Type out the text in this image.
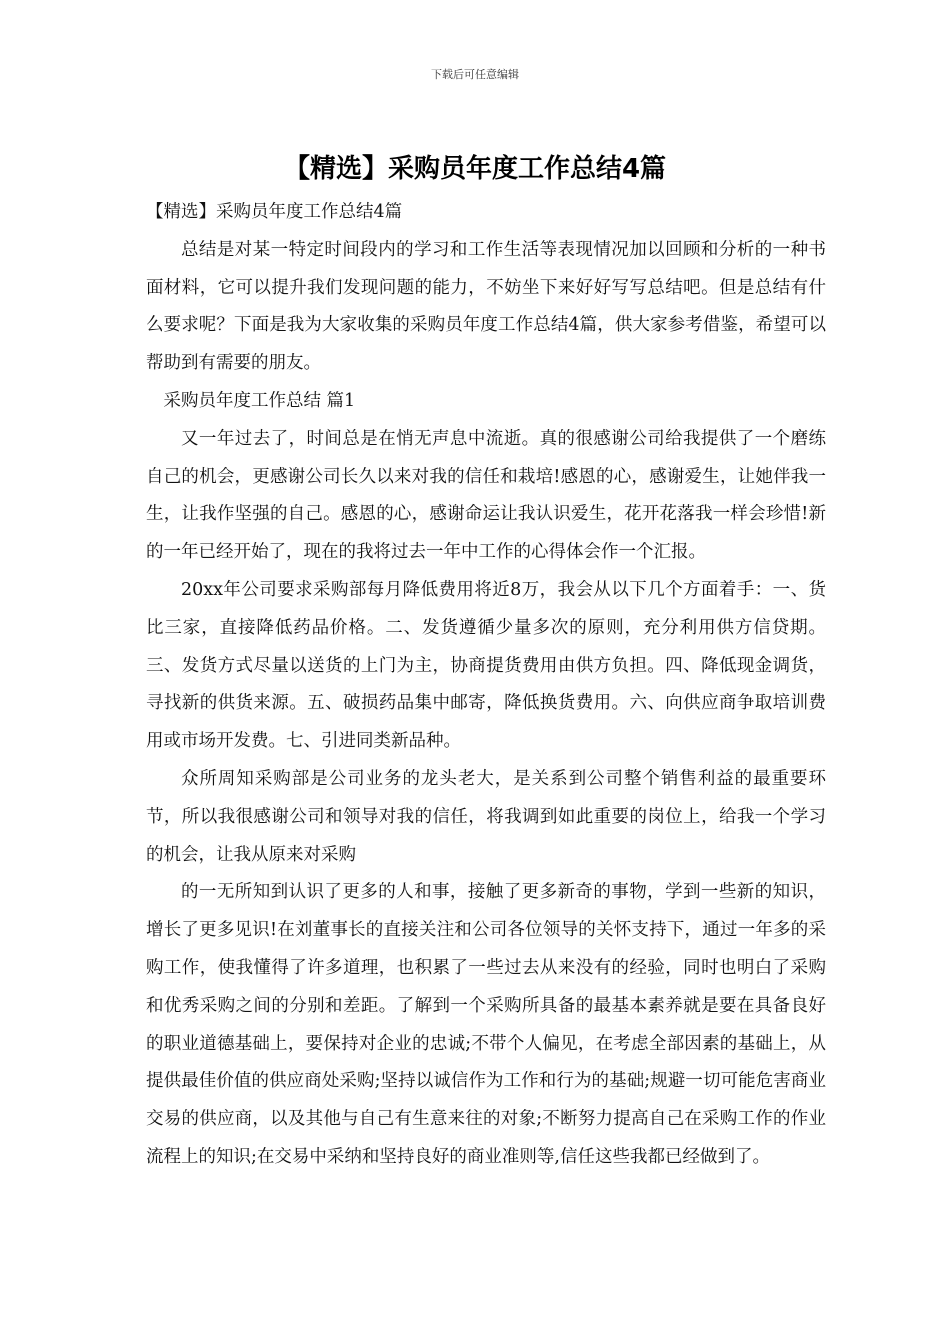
下载后可任意编辑
【精选】采购员年度工作总结4篇

【精选】采购员年度工作总结4篇

总结是对某一特定时间段内的学习和工作生活等表现情况加以回顾和分析的一种书面材料，它可以提升我们发现问题的能力，不妨坐下来好好写写总结吧。但是总结有什么要求呢？下面是我为大家收集的采购员年度工作总结4篇，供大家参考借鉴，希望可以帮助到有需要的朋友。

采购员年度工作总结 篇1

又一年过去了，时间总是在悄无声息中流逝。真的很感谢公司给我提供了一个磨练自己的机会，更感谢公司长久以来对我的信任和栽培!感恩的心，感谢爱生，让她伴我一生，让我作坚强的自己。感恩的心，感谢命运让我认识爱生，花开花落我一样会珍惜!新的一年已经开始了，现在的我将过去一年中工作的心得体会作一个汇报。

20xx年公司要求采购部每月降低费用将近8万，我会从以下几个方面着手：一、货比三家，直接降低药品价格。二、发货遵循少量多次的原则，充分利用供方信贷期。三、发货方式尽量以送货的上门为主，协商提货费用由供方负担。四、降低现金调货，寻找新的供货来源。五、破损药品集中邮寄，降低换货费用。六、向供应商争取培训费用或市场开发费。七、引进同类新品种。

众所周知采购部是公司业务的龙头老大，是关系到公司整个销售利益的最重要环节，所以我很感谢公司和领导对我的信任，将我调到如此重要的岗位上，给我一个学习的机会，让我从原来对采购

的一无所知到认识了更多的人和事，接触了更多新奇的事物，学到一些新的知识，增长了更多见识!在刘董事长的直接关注和公司各位领导的关怀支持下，通过一年多的采购工作，使我懂得了许多道理，也积累了一些过去从来没有的经验，同时也明白了采购和优秀采购之间的分别和差距。了解到一个采购所具备的最基本素养就是要在具备良好的职业道德基础上，要保持对企业的忠诚;不带个人偏见，在考虑全部因素的基础上，从提供最佳价值的供应商处采购;坚持以诚信作为工作和行为的基础;规避一切可能危害商业交易的供应商，以及其他与自己有生意来往的对象;不断努力提高自己在采购工作的作业流程上的知识;在交易中采纳和坚持良好的商业准则等,信任这些我都已经做到了。
